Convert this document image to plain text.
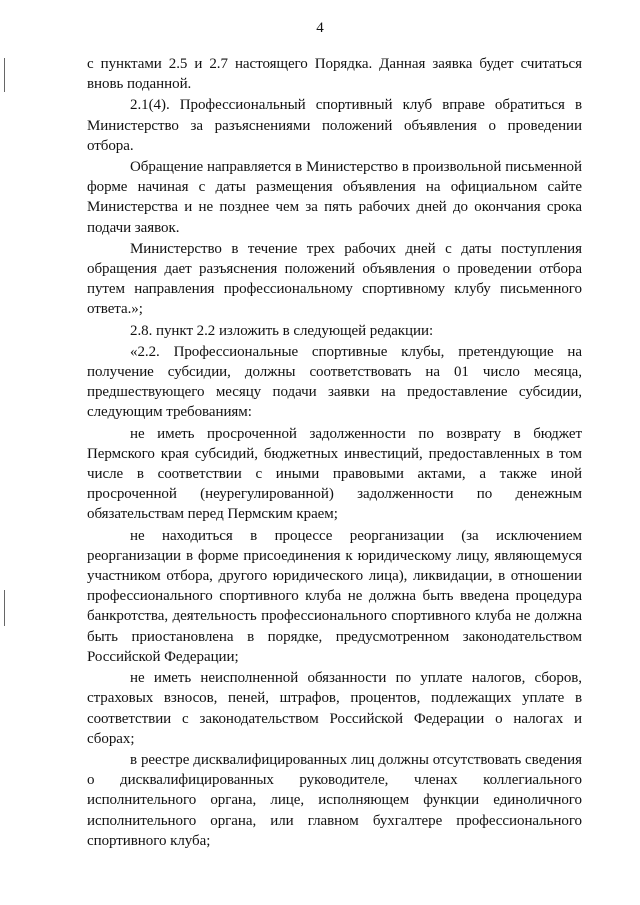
4

с пунктами 2.5 и 2.7 настоящего Порядка. Данная заявка будет считаться вновь поданной.

2.1(4). Профессиональный спортивный клуб вправе обратиться в Министерство за разъяснениями положений объявления о проведении отбора.

Обращение направляется в Министерство в произвольной письменной форме начиная с даты размещения объявления на официальном сайте Министерства и не позднее чем за пять рабочих дней до окончания срока подачи заявок.

Министерство в течение трех рабочих дней с даты поступления обращения дает разъяснения положений объявления о проведении отбора путем направления профессиональному спортивному клубу письменного ответа.»;

2.8. пункт 2.2 изложить в следующей редакции:

«2.2. Профессиональные спортивные клубы, претендующие на получение субсидии, должны соответствовать на 01 число месяца, предшествующего месяцу подачи заявки на предоставление субсидии, следующим требованиям:

не иметь просроченной задолженности по возврату в бюджет Пермского края субсидий, бюджетных инвестиций, предоставленных в том числе в соответствии с иными правовыми актами, а также иной просроченной (неурегулированной) задолженности по денежным обязательствам перед Пермским краем;

не находиться в процессе реорганизации (за исключением реорганизации в форме присоединения к юридическому лицу, являющемуся участником отбора, другого юридического лица), ликвидации, в отношении профессионального спортивного клуба не должна быть введена процедура банкротства, деятельность профессионального спортивного клуба не должна быть приостановлена в порядке, предусмотренном законодательством Российской Федерации;

не иметь неисполненной обязанности по уплате налогов, сборов, страховых взносов, пеней, штрафов, процентов, подлежащих уплате в соответствии с законодательством Российской Федерации о налогах и сборах;

в реестре дисквалифицированных лиц должны отсутствовать сведения о дисквалифицированных руководителе, членах коллегиального исполнительного органа, лице, исполняющем функции единоличного исполнительного органа, или главном бухгалтере профессионального спортивного клуба;
